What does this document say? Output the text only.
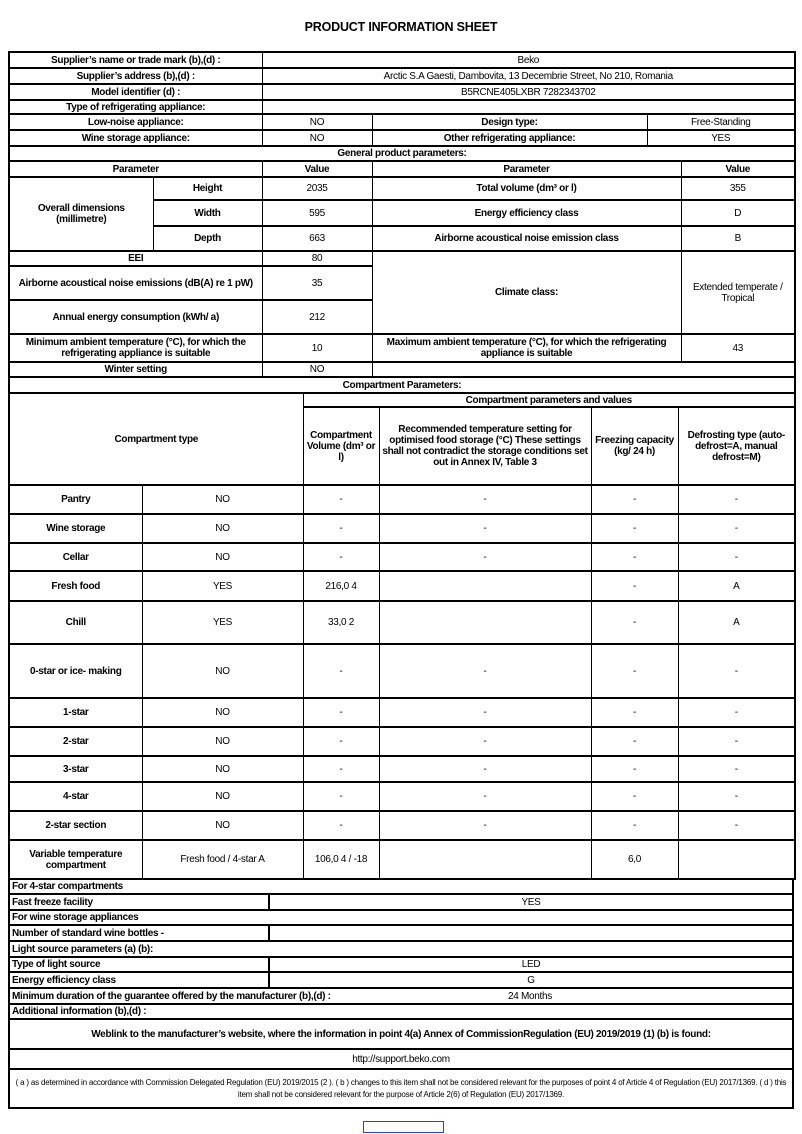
PRODUCT INFORMATION SHEET
Supplier’s name or trade mark (b),(d) :	Beko		
Supplier’s address (b),(d) :	Arctic S.A Gaesti, Dambovita, 13 Decembrie Street, No 210, Romania		
Model identifier (d) :	B5RCNE405LXBR 7282343702		
Type of refrigerating appliance:			
Low-noise appliance:	NO	Design type:	Free-Standing
Wine storage appliance:	NO	Other refrigerating appliance:	YES
General product parameters:				
Parameter		Value	Parameter	Value
Overall dimensions (millimetre)	Height	2035	Total volume (dm³ or l)	355
	Width	595	Energy efficiency class	D
	Depth	663	Airborne acoustical noise emission class	B
EEI		80	Climate class:	Extended temperate / Tropical
Airborne acoustical noise emissions (dB(A) re 1 pW)		35		
Annual energy consumption (kWh/ a)		212		
Minimum ambient temperature (°C), for which the refrigerating appliance is suitable		10	Maximum ambient temperature (°C), for which the refrigerating appliance is suitable	43
Winter setting		NO		
Compartment Parameters:				
Compartment type		Compartment parameters and values			
		Compartment Volume (dm³ or l)	Recommended temperature setting for optimised food storage (°C) These settings shall not contradict the storage conditions set out in Annex IV, Table 3	Freezing capacity (kg/ 24 h)	Defrosting type (auto-defrost=A, manual defrost=M)
Pantry	NO	-	-	-	-
Wine storage	NO	-	-	-	-
Cellar	NO	-	-	-	-
Fresh food	YES	216,0 4		-	A
Chill	YES	33,0 2		-	A
0-star or ice- making	NO	-	-	-	-
1-star	NO	-	-	-	-
2-star	NO	-	-	-	-
3-star	NO	-	-	-	-
4-star	NO	-	-	-	-
2-star section	NO	-	-	-	-
Variable temperature compartment	Fresh food / 4-star A	106,0 4 / -18		6,0	
For 4-star compartments
Fast freeze facility	YES
For wine storage appliances
Number of standard wine bottles -
Light source parameters (a) (b):
Type of light source	LED
Energy efficiency class	G
Minimum duration of the guarantee offered by the manufacturer (b),(d) :	24 Months
Additional information (b),(d) :
Weblink to the manufacturer’s website, where the information in point 4(a) Annex of CommissionRegulation (EU) 2019/2019 (1) (b) is found:
http://support.beko.com
( a ) as determined in accordance with Commission Delegated Regulation (EU) 2019/2015 (2 ). ( b ) changes to this item shall not be considered relevant for the purposes of point 4 of Article 4 of Regulation (EU) 2017/1369. ( d ) this item shall not be considered relevant for the purpose of Article 2(6) of Regulation (EU) 2017/1369.
